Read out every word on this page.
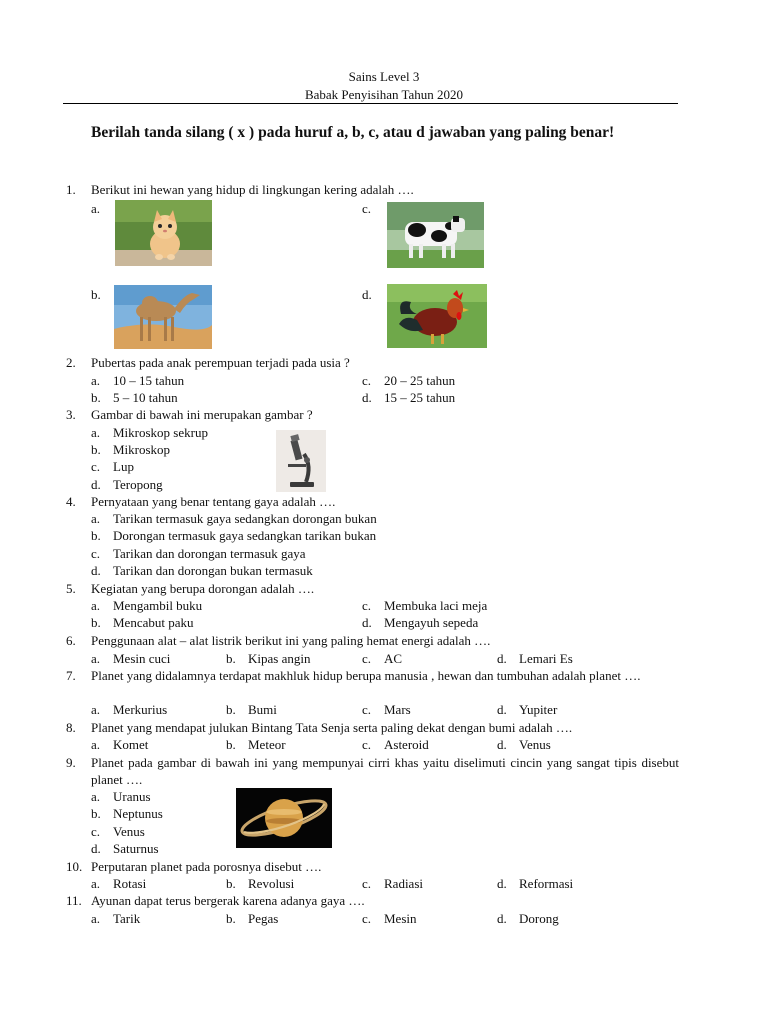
Sains Level 3
Babak Penyisihan Tahun 2020
Berilah tanda silang ( x ) pada huruf a, b, c, atau d jawaban yang paling benar!
1. Berikut ini hewan yang hidup di lingkungan kering adalah ….
a.	c.
b.	d.
2. Pubertas pada anak perempuan terjadi pada usia ?
a. 10 – 15 tahun
b. 5 – 10 tahun
c. 20 – 25 tahun
d. 15 – 25 tahun
3. Gambar di bawah ini merupakan gambar ?
a. Mikroskop sekrup
b. Mikroskop
c. Lup
d. Teropong
4. Pernyataan yang benar tentang gaya adalah ….
a. Tarikan termasuk gaya sedangkan dorongan bukan
b. Dorongan termasuk gaya sedangkan tarikan bukan
c. Tarikan dan dorongan termasuk gaya
d. Tarikan dan dorongan bukan termasuk
5. Kegiatan yang berupa dorongan adalah ….
a. Mengambil buku
b. Mencabut paku
c. Membuka laci meja
d. Mengayuh sepeda
6. Penggunaan alat – alat listrik berikut ini yang paling hemat energi adalah ….
a. Mesin cuci	b. Kipas angin	c. AC	d. Lemari Es
7. Planet yang didalamnya terdapat makhluk hidup berupa manusia , hewan dan tumbuhan adalah planet ….
a. Merkurius	b. Bumi	c. Mars	d. Yupiter
8. Planet yang mendapat julukan Bintang Tata Senja serta paling dekat dengan bumi adalah ….
a. Komet	b. Meteor	c. Asteroid	d. Venus
9. Planet pada gambar di bawah ini yang mempunyai cirri khas yaitu diselimuti cincin yang sangat tipis disebut planet ….
a. Uranus
b. Neptunus
c. Venus
d. Saturnus
10. Perputaran planet pada porosnya disebut ….
a. Rotasi	b. Revolusi	c. Radiasi	d. Reformasi
11. Ayunan dapat terus bergerak karena adanya gaya ….
a. Tarik	b. Pegas	c. Mesin	d. Dorong
